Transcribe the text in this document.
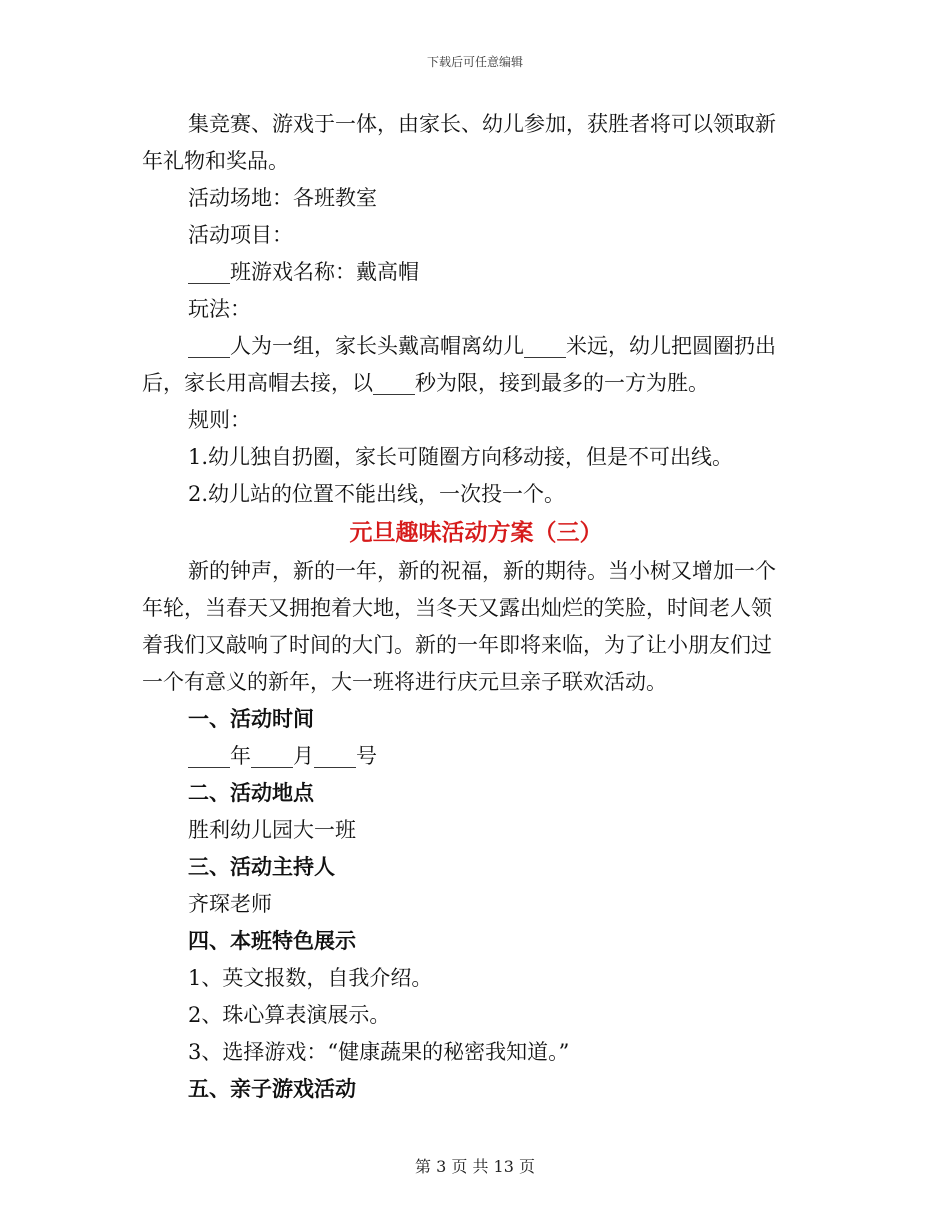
下载后可任意编辑
集竞赛、游戏于一体，由家长、幼儿参加，获胜者将可以领取新
年礼物和奖品。
活动场地：各班教室
活动项目：
____班游戏名称：戴高帽
玩法：
____人为一组，家长头戴高帽离幼儿____米远，幼儿把圆圈扔出
后，家长用高帽去接，以____秒为限，接到最多的一方为胜。
规则：
1.幼儿独自扔圈，家长可随圈方向移动接，但是不可出线。
2.幼儿站的位置不能出线，一次投一个。
元旦趣味活动方案（三）
新的钟声，新的一年，新的祝福，新的期待。当小树又增加一个
年轮，当春天又拥抱着大地，当冬天又露出灿烂的笑脸，时间老人领
着我们又敲响了时间的大门。新的一年即将来临，为了让小朋友们过
一个有意义的新年，大一班将进行庆元旦亲子联欢活动。
一、活动时间
____年____月____号
二、活动地点
胜利幼儿园大一班
三、活动主持人
齐琛老师
四、本班特色展示
1、英文报数，自我介绍。
2、珠心算表演展示。
3、选择游戏：“健康蔬果的秘密我知道。”
五、亲子游戏活动
第 3 页 共 13 页
